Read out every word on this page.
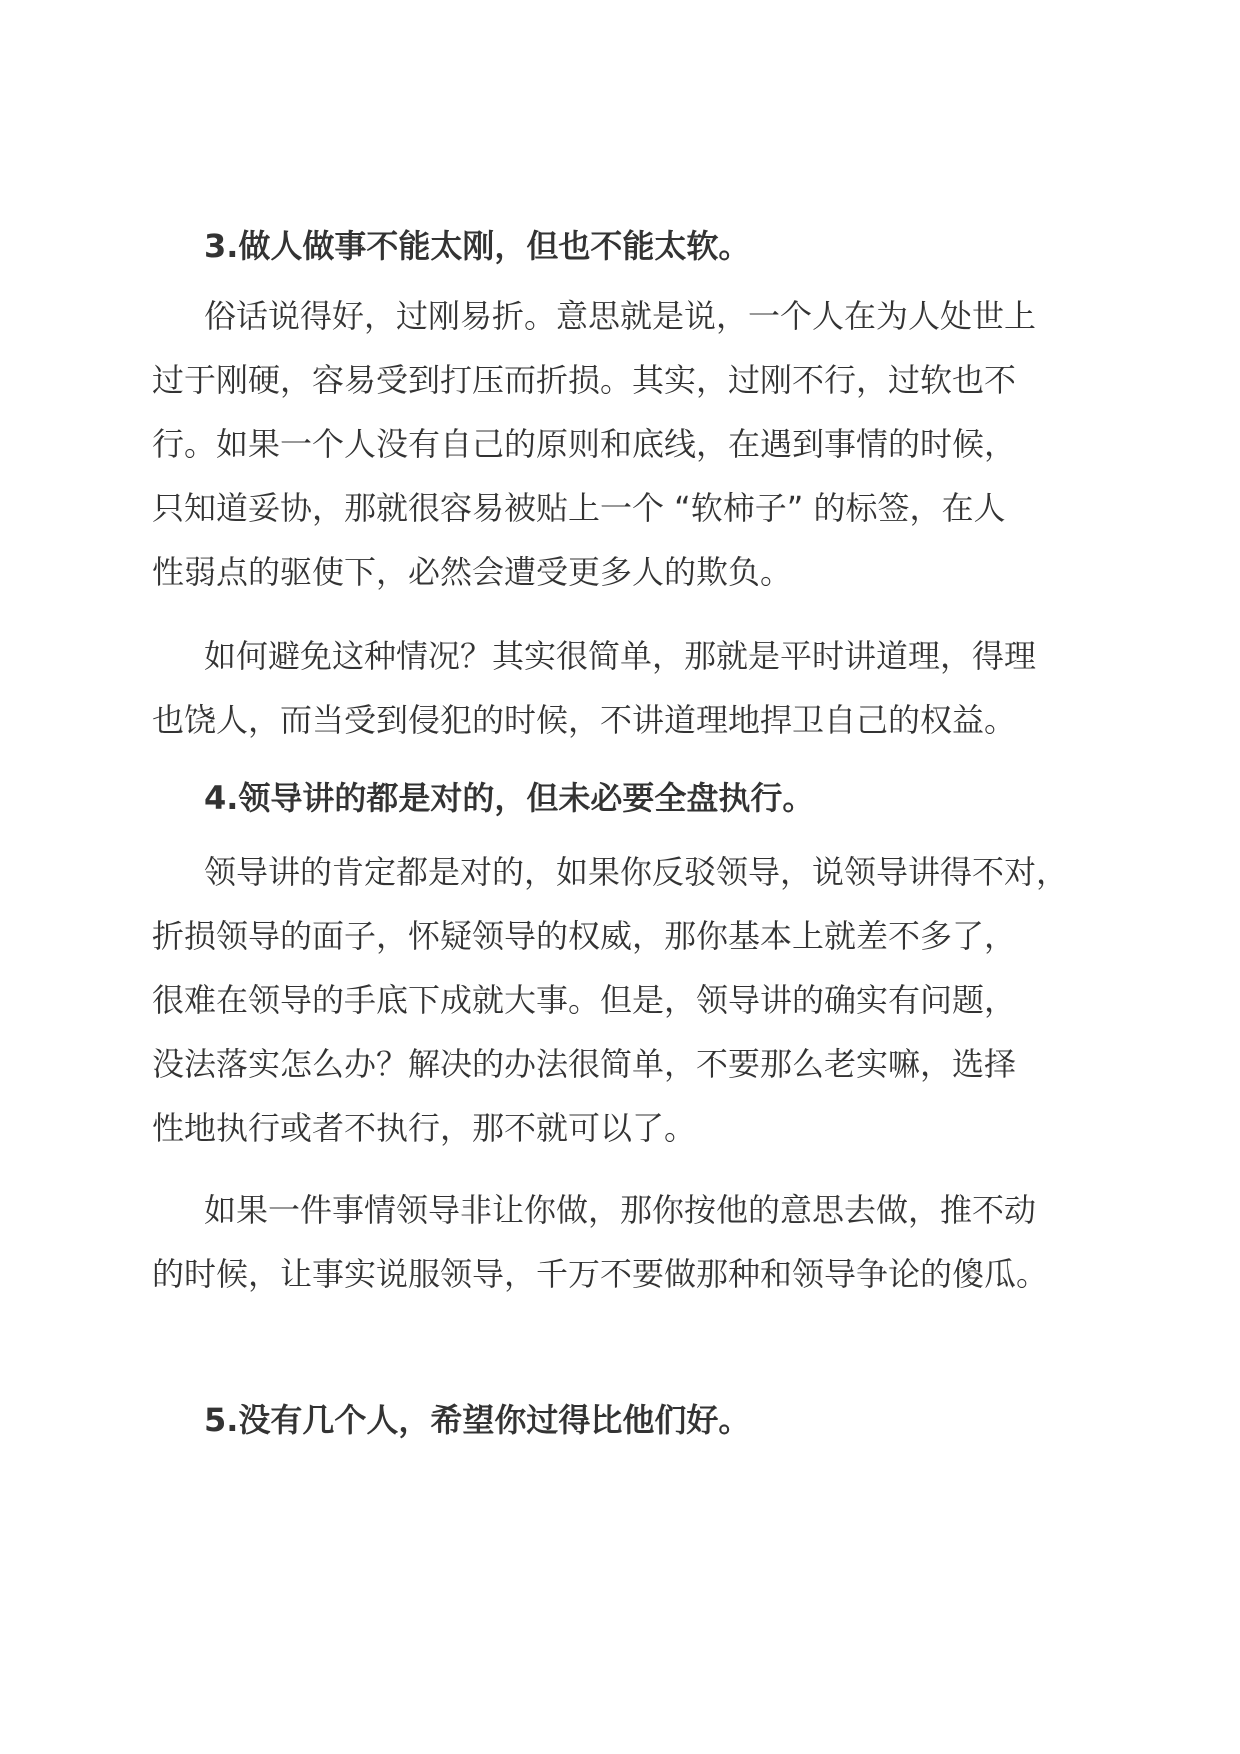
3.做人做事不能太刚，但也不能太软。

俗话说得好，过刚易折。意思就是说，一个人在为人处世上
过于刚硬，容易受到打压而折损。其实，过刚不行，过软也不
行。如果一个人没有自己的原则和底线，在遇到事情的时候，
只知道妥协，那就很容易被贴上一个 “软柿子” 的标签，在人
性弱点的驱使下，必然会遭受更多人的欺负。

如何避免这种情况？其实很简单，那就是平时讲道理，得理
也饶人，而当受到侵犯的时候，不讲道理地捍卫自己的权益。

4.领导讲的都是对的，但未必要全盘执行。

领导讲的肯定都是对的，如果你反驳领导，说领导讲得不对，
折损领导的面子，怀疑领导的权威，那你基本上就差不多了，
很难在领导的手底下成就大事。但是，领导讲的确实有问题，
没法落实怎么办？解决的办法很简单，不要那么老实嘛，选择
性地执行或者不执行，那不就可以了。

如果一件事情领导非让你做，那你按他的意思去做，推不动
的时候，让事实说服领导，千万不要做那种和领导争论的傻瓜。

5.没有几个人，希望你过得比他们好。
